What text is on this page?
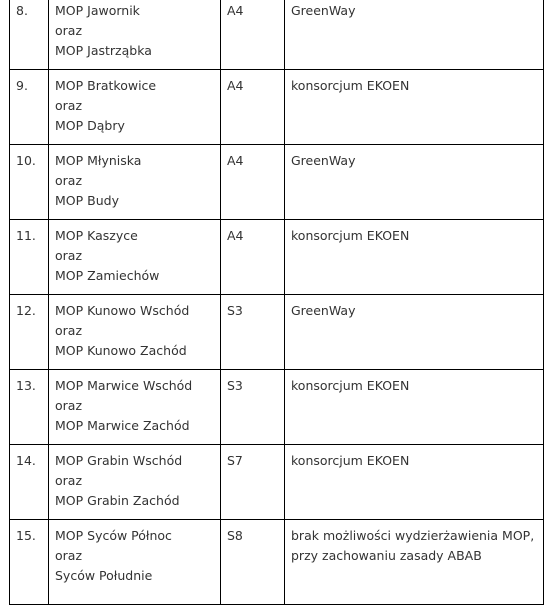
8.	MOP Jawornik
oraz
MOP Jastrząbka	A4	GreenWay

9.	MOP Bratkowice
oraz
MOP Dąbry	A4	konsorcjum EKOEN

10.	MOP Młyniska
oraz
MOP Budy	A4	GreenWay

11.	MOP Kaszyce
oraz
MOP Zamiechów	A4	konsorcjum EKOEN

12.	MOP Kunowo Wschód
oraz
MOP Kunowo Zachód	S3	GreenWay

13.	MOP Marwice Wschód
oraz
MOP Marwice Zachód	S3	konsorcjum EKOEN

14.	MOP Grabin Wschód
oraz
MOP Grabin Zachód	S7	konsorcjum EKOEN

15.	MOP Syców Północ
oraz
Syców Południe	S8	brak możliwości wydzierżawienia MOP,
przy zachowaniu zasady ABAB
